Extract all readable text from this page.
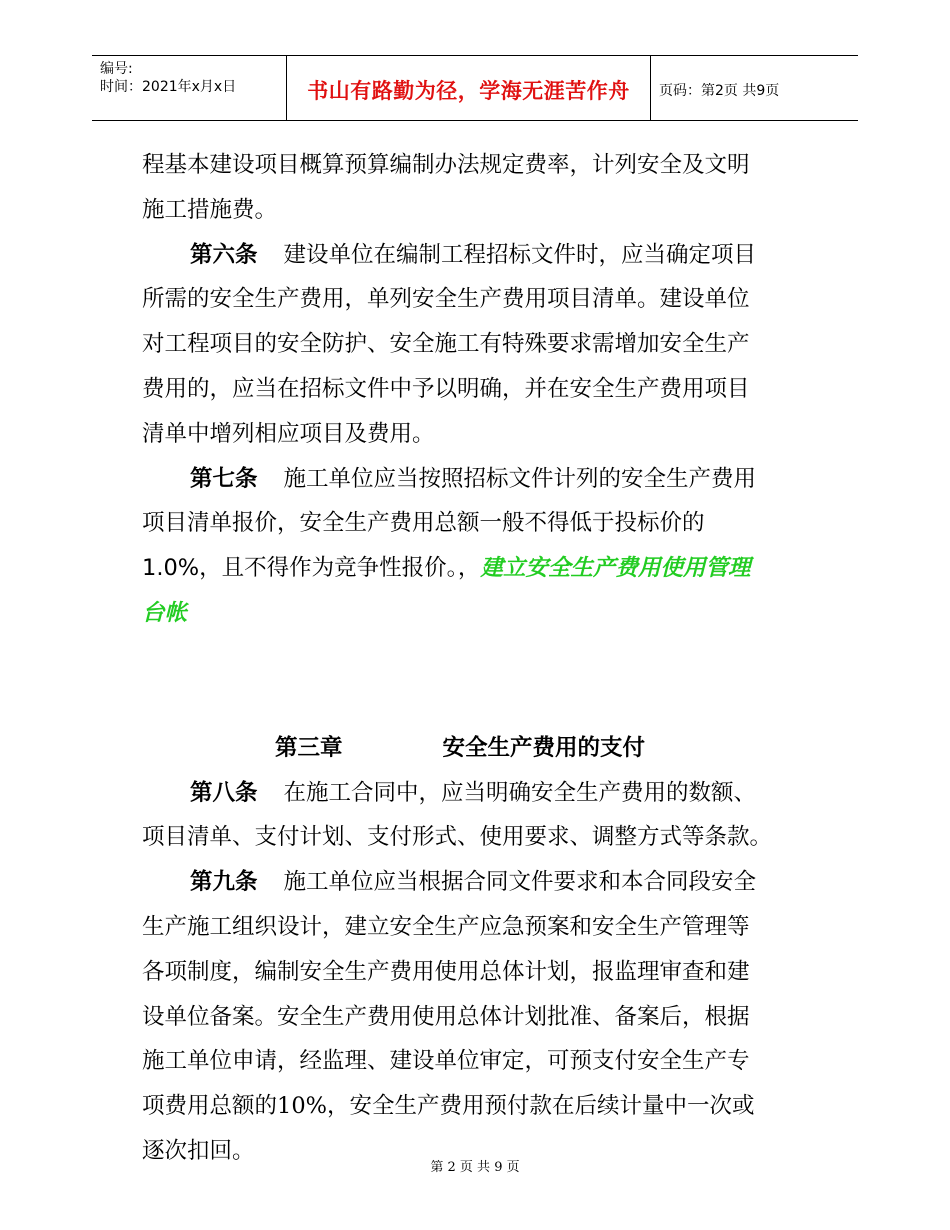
编号:
时间：2021年x月x日	书山有路勤为径，学海无涯苦作舟	页码：第2页 共9页

程基本建设项目概算预算编制办法规定费率，计列安全及文明

施工措施费。

第六条 建设单位在编制工程招标文件时，应当确定项目

所需的安全生产费用，单列安全生产费用项目清单。建设单位

对工程项目的安全防护、安全施工有特殊要求需增加安全生产

费用的，应当在招标文件中予以明确，并在安全生产费用项目

清单中增列相应项目及费用。

第七条 施工单位应当按照招标文件计列的安全生产费用

项目清单报价，安全生产费用总额一般不得低于投标价的

1.0%，且不得作为竞争性报价。，建立安全生产费用使用管理

台帐

第三章	安全生产费用的支付

第八条 在施工合同中，应当明确安全生产费用的数额、

项目清单、支付计划、支付形式、使用要求、调整方式等条款。

第九条 施工单位应当根据合同文件要求和本合同段安全

生产施工组织设计，建立安全生产应急预案和安全生产管理等

各项制度，编制安全生产费用使用总体计划，报监理审查和建

设单位备案。安全生产费用使用总体计划批准、备案后，根据

施工单位申请，经监理、建设单位审定，可预支付安全生产专

项费用总额的10%，安全生产费用预付款在后续计量中一次或

逐次扣回。

第 2 页 共 9 页
